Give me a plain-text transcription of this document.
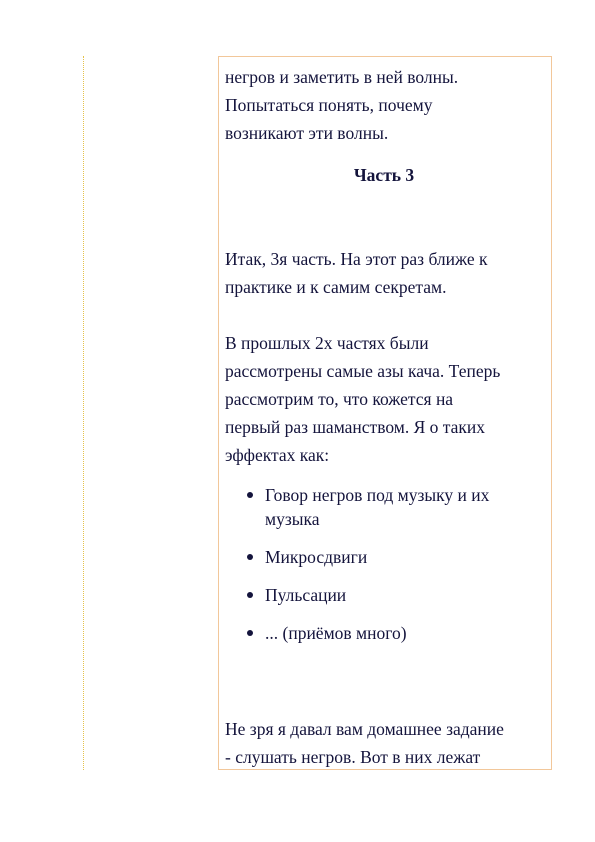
негров и заметить в ней волны.
Попытаться понять, почему
возникают эти волны.

Часть 3

Итак, 3я часть. На этот раз ближе к
практике и к самим секретам.

В прошлых 2х частях были
рассмотрены самые азы кача. Теперь
рассмотрим то, что кожется на
первый раз шаманством. Я о таких
эффектах как:

Говор негров под музыку и их
музыка
Микросдвиги
Пульсации
... (приёмов много)

Не зря я давал вам домашнее задание
- слушать негров. Вот в них лежат
